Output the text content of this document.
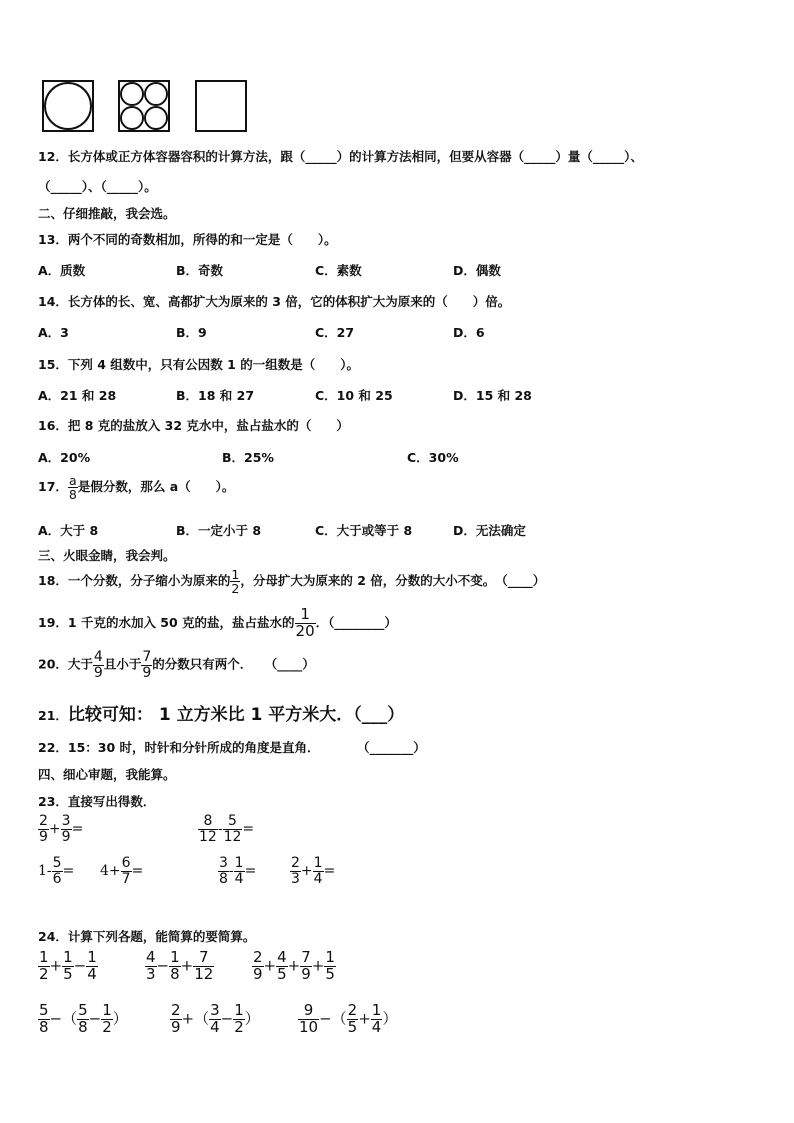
12．长方体或正方体容器容积的计算方法，跟（_____）的计算方法相同，但要从容器（_____）量（_____）、
（_____）、（_____）。
二、仔细推敲，我会选。
13．两个不同的奇数相加，所得的和一定是（　　）。
A．质数	B．奇数	C．素数	D．偶数
14．长方体的长、宽、高都扩大为原来的 3 倍，它的体积扩大为原来的（　　）倍。
A．3	B．9	C．27	D．6
15．下列 4 组数中，只有公因数 1 的一组数是（　　）。
A．21 和 28	B．18 和 27	C．10 和 25	D．15 和 28
16．把 8 克的盐放入 32 克水中，盐占盐水的（　　）
A．20%	B．25%	C．30%
17． $\frac{a}{8}$ 是假分数，那么 a（　　）。
A．大于 8	B．一定小于 8	C．大于或等于 8	D．无法确定
三、火眼金睛，我会判。
18．一个分数，分子缩小为原来的 $\frac{1}{2}$ ，分母扩大为原来的 2 倍，分数的大小不变。　（____）
19．1 千克的水加入 50 克的盐，盐占盐水的 $\frac{1}{20}$ ．（________）
20．大于 $\frac{4}{9}$ 且小于 $\frac{7}{9}$ 的分数只有两个．　　（____）
21．比较可知： 1 立方米比 1 平方米大．（___）
22．15：30 时，时针和分针所成的角度是直角．　　　　（_______）
四、细心审题，我能算。
23．直接写出得数．
$\frac{2}{9} + \frac{3}{9}$ =	$\frac{8}{12} - \frac{5}{12}$ =
$1- \frac{5}{6} = 4+ \frac{6}{7}$ =	$\frac{3}{8} - \frac{1}{4} = \frac{2}{3} + \frac{1}{4}$ =
24．计算下列各题，能简算的要简算。
$\frac{1}{2} + \frac{1}{5} - \frac{1}{4}$	$\frac{4}{3} - \frac{1}{8} + \frac{7}{12}$	$\frac{2}{9} + \frac{4}{5} + \frac{7}{9} + \frac{1}{5}$
$\frac{5}{8}$ −（ $\frac{5}{8} - \frac{1}{2}$ ）	$\frac{2}{9}$ +（ $\frac{3}{4} - \frac{1}{2}$ ）	$\frac{9}{10}$ −（ $\frac{2}{5} + \frac{1}{4}$ ）
